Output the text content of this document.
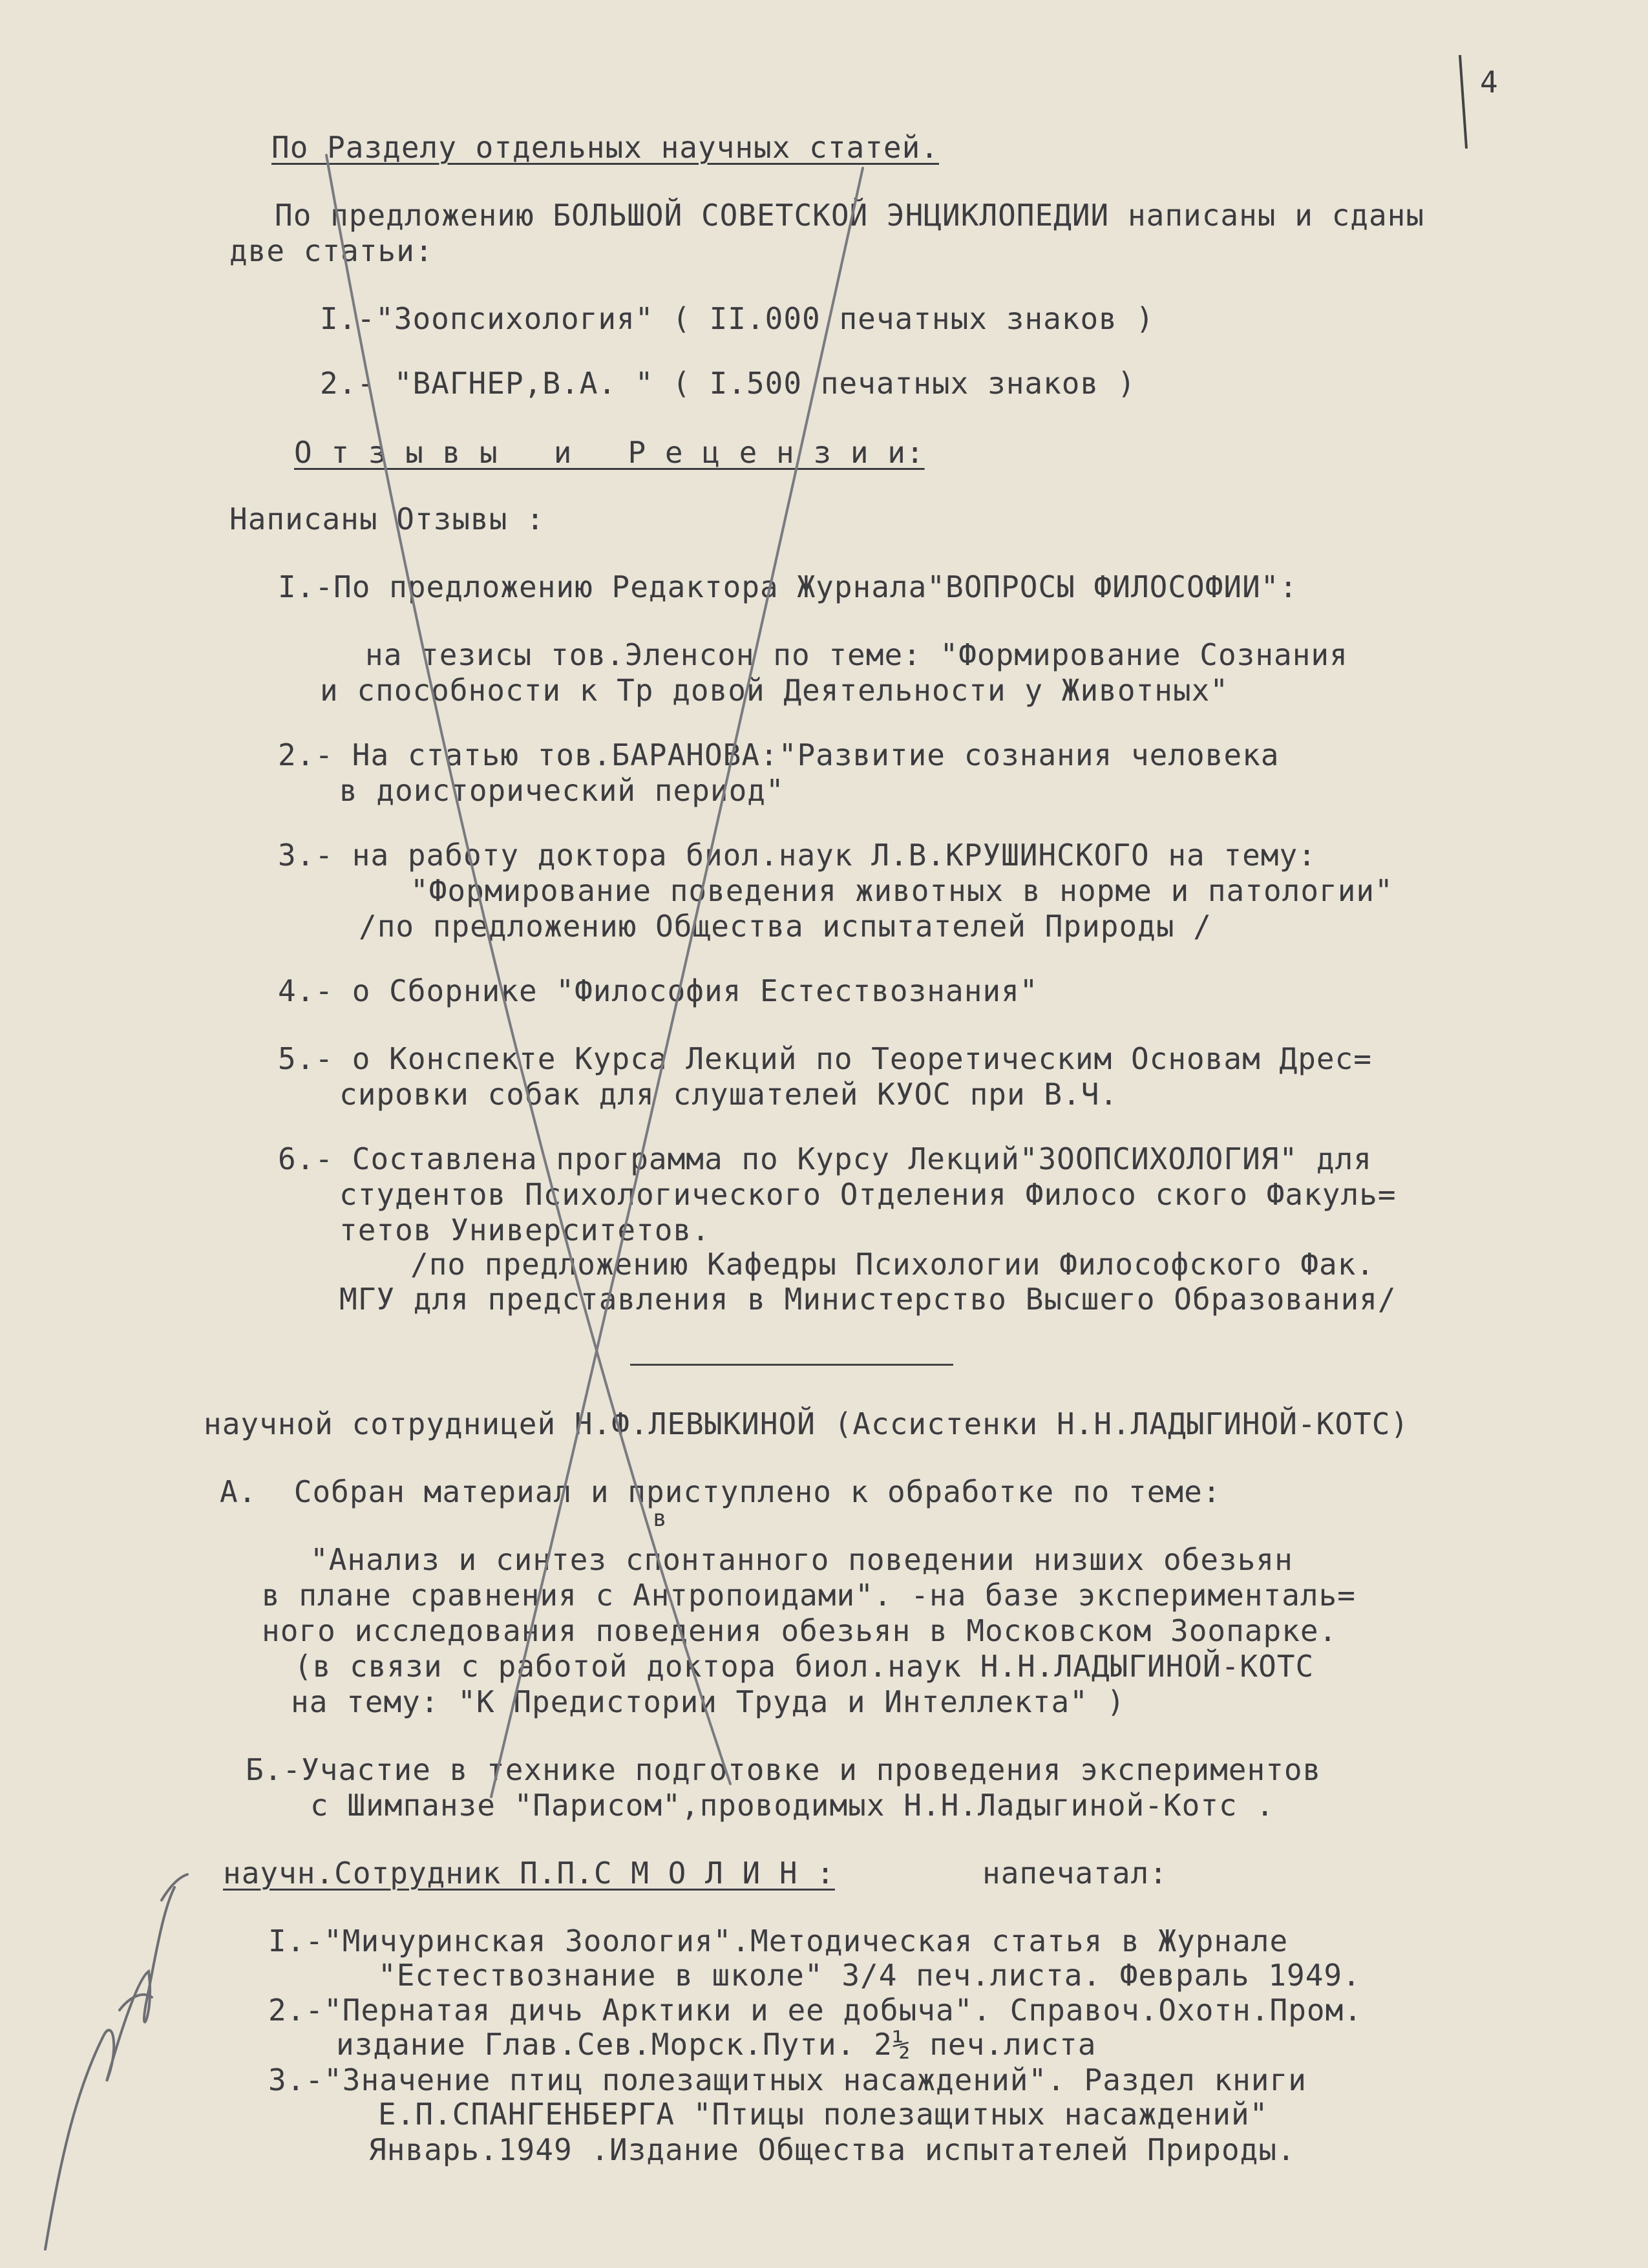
4
По Разделу отдельных научных статей.
По предложению БОЛЬШОЙ СОВЕТСКОЙ ЭНЦИКЛОПЕДИИ написаны и сданы
две статьи:
І.-"Зоопсихология" ( ІІ.000 печатных знаков )
2.- "ВАГНЕР,В.А. " ( І.500 печатных знаков )
О т з ы в ы   и   Р е ц е н з и и:
Написаны Отзывы :
І.-По предложению Редактора Журнала"ВОПРОСЫ ФИЛОСОФИИ":
на тезисы тов.Эленсон по теме: "Формирование Сознания
и способности к Тр довой Деятельности у Животных"
2.- На статью тов.БАРАНОВА:"Развитие сознания человека
в доисторический период"
3.- на работу доктора биол.наук Л.В.КРУШИНСКОГО на тему:
"Формирование поведения животных в норме и патологии"
/по предложению Общества испытателей Природы /
4.- о Сборнике "Философия Естествознания"
5.- о Конспекте Курса Лекций по Теоретическим Основам Дрес=
сировки собак для слушателей КУОС при В.Ч.
6.- Составлена программа по Курсу Лекций"ЗООПСИХОЛОГИЯ" для
студентов Психологического Отделения Филосо ского Факуль=
тетов Университетов.
/по предложению Кафедры Психологии Философского Фак.
МГУ для представления в Министерство Высшего Образования/
научной сотрудницей Н.Ф.ЛЕВЫКИНОЙ (Ассистенки Н.Н.ЛАДЫГИНОЙ-КОТС)
А.  Собран материал и приступлено к обработке по теме:
в
"Анализ и синтез спонтанного поведении низших обезьян
в плане сравнения с Антропоидами". -на базе эксперименталь=
ного исследования поведения обезьян в Московском Зоопарке.
(в связи с работой доктора биол.наук Н.Н.ЛАДЫГИНОЙ-КОТС
на тему: "К Предистории Труда и Интеллекта" )
Б.-Участие в технике подготовке и проведения экспериментов
с Шимпанзе "Парисом",проводимых Н.Н.Ладыгиной-Котс .
научн.Сотрудник П.П.С М О Л И Н :	напечатал:
І.-"Мичуринская Зоология".Методическая статья в Журнале
"Естествознание в школе" 3/4 печ.листа. Февраль 1949.
2.-"Пернатая дичь Арктики и ее добыча". Справоч.Охотн.Пром.
издание Глав.Сев.Морск.Пути. 2½ печ.листа
3.-"Значение птиц полезащитных насаждений". Раздел книги
Е.П.СПАНГЕНБЕРГА "Птицы полезащитных насаждений"
Январь.1949 .Издание Общества испытателей Природы.
